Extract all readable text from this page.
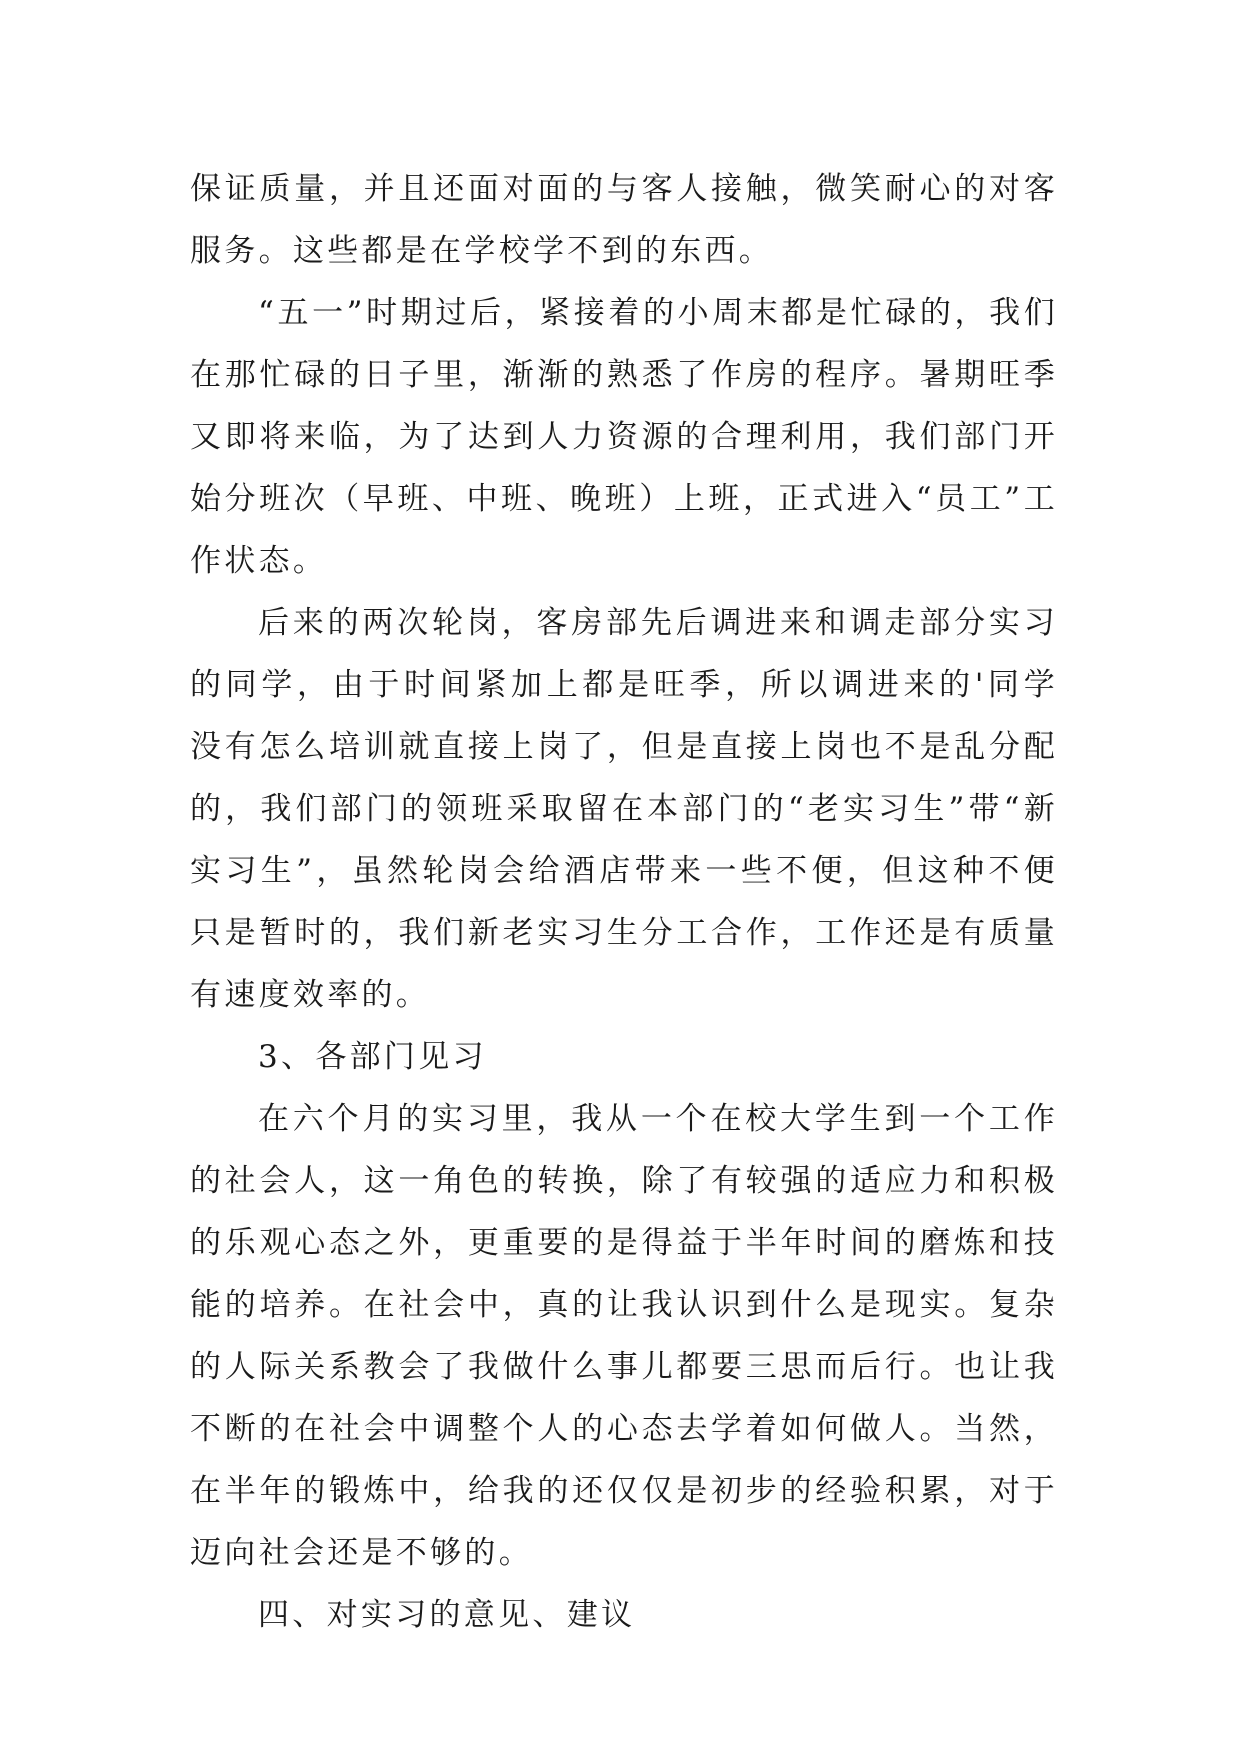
保证质量，并且还面对面的与客人接触，微笑耐心的对客服务。这些都是在学校学不到的东西。

“五一”时期过后，紧接着的小周末都是忙碌的，我们在那忙碌的日子里，渐渐的熟悉了作房的程序。暑期旺季又即将来临，为了达到人力资源的合理利用，我们部门开始分班次（早班、中班、晚班）上班，正式进入“员工”工作状态。

后来的两次轮岗，客房部先后调进来和调走部分实习的同学，由于时间紧加上都是旺季，所以调进来的'同学没有怎么培训就直接上岗了，但是直接上岗也不是乱分配的，我们部门的领班采取留在本部门的“老实习生”带“新实习生”，虽然轮岗会给酒店带来一些不便，但这种不便只是暂时的，我们新老实习生分工合作，工作还是有质量有速度效率的。

3、各部门见习

在六个月的实习里，我从一个在校大学生到一个工作的社会人，这一角色的转换，除了有较强的适应力和积极的乐观心态之外，更重要的是得益于半年时间的磨炼和技能的培养。在社会中，真的让我认识到什么是现实。复杂的人际关系教会了我做什么事儿都要三思而后行。也让我不断的在社会中调整个人的心态去学着如何做人。当然，在半年的锻炼中，给我的还仅仅是初步的经验积累，对于迈向社会还是不够的。

四、对实习的意见、建议
